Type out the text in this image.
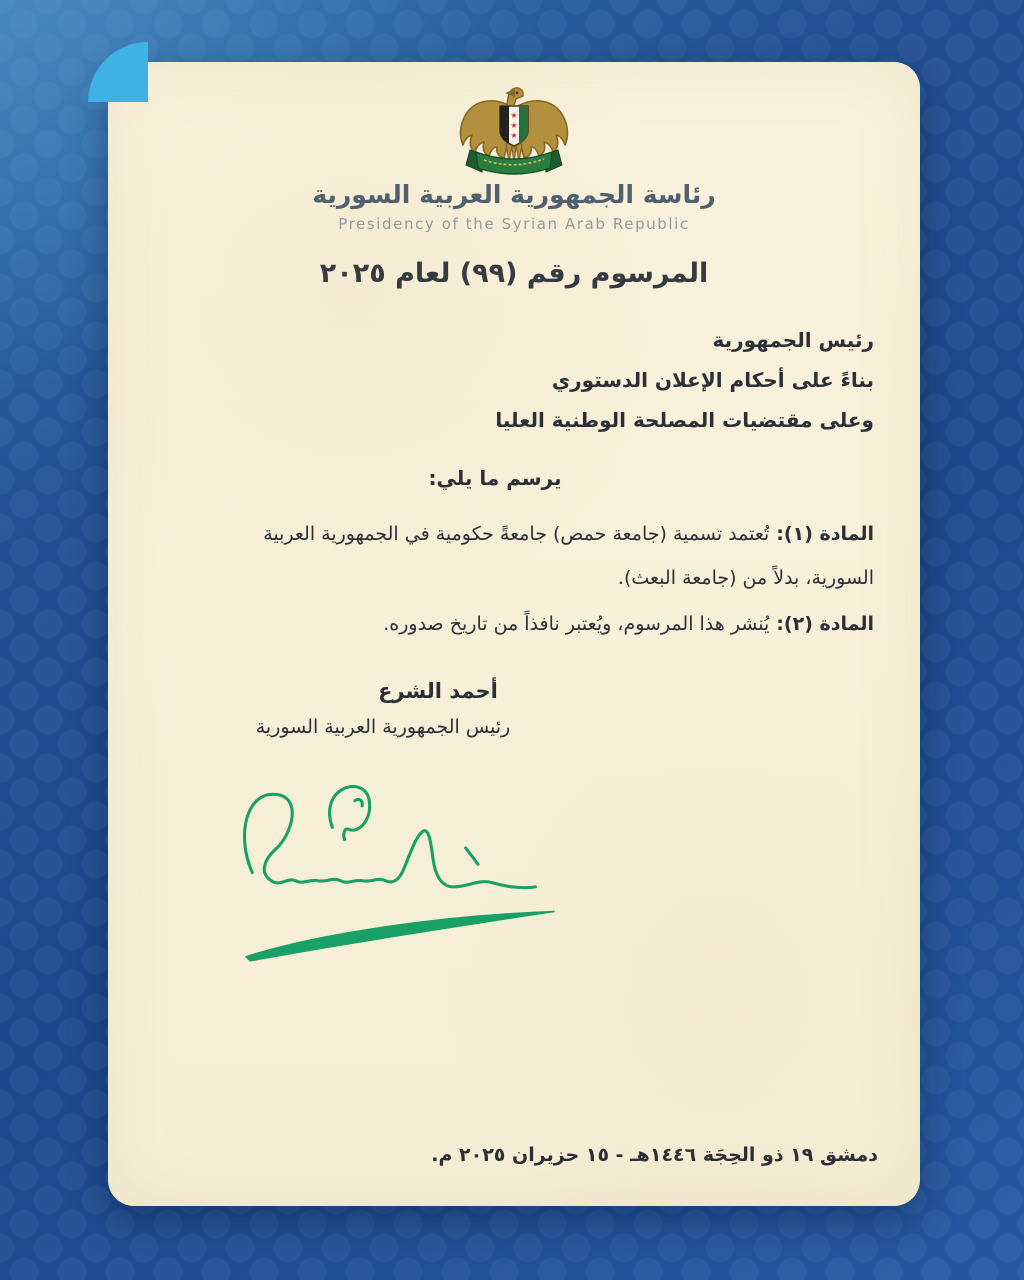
★
★
★
رئاسة الجمهورية العربية السورية
Presidency of the Syrian Arab Republic
المرسوم رقم (٩٩) لعام ٢٠٢٥
رئيس الجمهورية
بناءً على أحكام الإعلان الدستوري
وعلى مقتضيات المصلحة الوطنية العليا
يرسم ما يلي:
المادة (١):تُعتمد تسمية (جامعة حمص) جامعةً حكومية في الجمهورية العربية
السورية، بدلاً من (جامعة البعث).
المادة (٢):يُنشر هذا المرسوم، ويُعتبر نافذاً من تاريخ صدوره.
أحمد الشرع
رئيس الجمهورية العربية السورية
دمشق ١٩ ذو الحِجَة ١٤٤٦هـ - ١٥ حزيران ٢٠٢٥ م.
